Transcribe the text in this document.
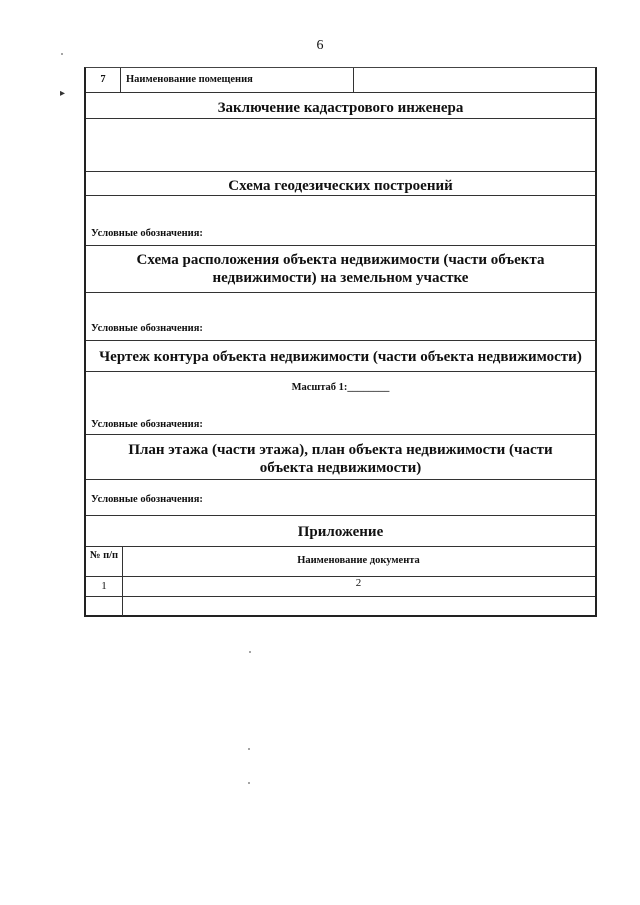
6
▸
7	Наименование помещения
Заключение кадастрового инженера
Схема геодезических построений
Условные обозначения:
Схема расположения объекта недвижимости (части объекта недвижимости) на земельном участке
Условные обозначения:
Чертеж контура объекта недвижимости (части объекта недвижимости)
Масштаб 1:________
Условные обозначения:
План этажа (части этажа), план объекта недвижимости (части объекта недвижимости)
Условные обозначения:
Приложение
№ п/п	Наименование документа
1	2
